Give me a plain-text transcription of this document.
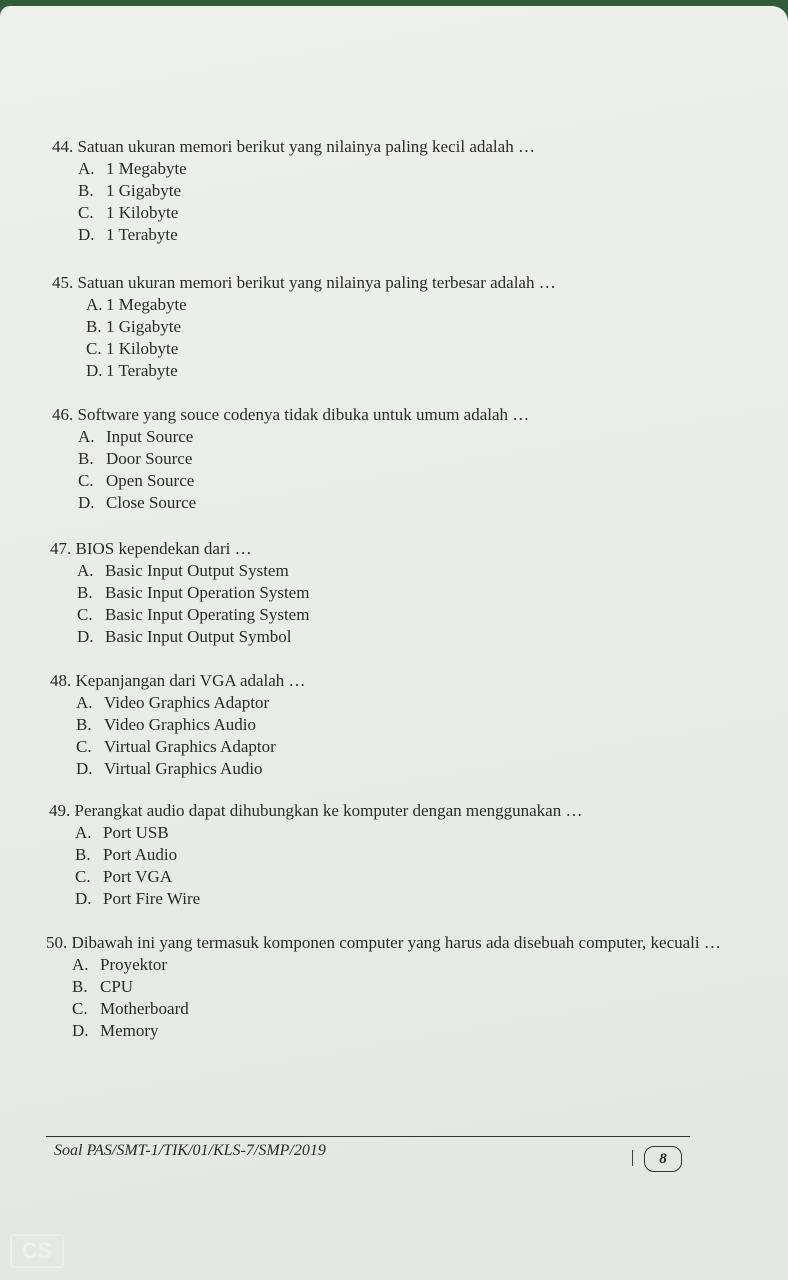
44. Satuan ukuran memori berikut yang nilainya paling kecil adalah …
A. 1 Megabyte
B. 1 Gigabyte
C. 1 Kilobyte
D. 1 Terabyte
45. Satuan ukuran memori berikut yang nilainya paling terbesar adalah …
A. 1 Megabyte
B. 1 Gigabyte
C. 1 Kilobyte
D. 1 Terabyte
46. Software yang souce codenya tidak dibuka untuk umum adalah …
A. Input Source
B. Door Source
C. Open Source
D. Close Source
47. BIOS kependekan dari …
A. Basic Input Output System
B. Basic Input Operation System
C. Basic Input Operating System
D. Basic Input Output Symbol
48. Kepanjangan dari VGA adalah …
A. Video Graphics Adaptor
B. Video Graphics Audio
C. Virtual Graphics Adaptor
D. Virtual Graphics Audio
49. Perangkat audio dapat dihubungkan ke komputer dengan menggunakan …
A. Port USB
B. Port Audio
C. Port VGA
D. Port Fire Wire
50. Dibawah ini yang termasuk komponen computer yang harus ada disebuah computer, kecuali …
A. Proyektor
B. CPU
C. Motherboard
D. Memory
Soal PAS/SMT-1/TIK/01/KLS-7/SMP/2019	8
CS
